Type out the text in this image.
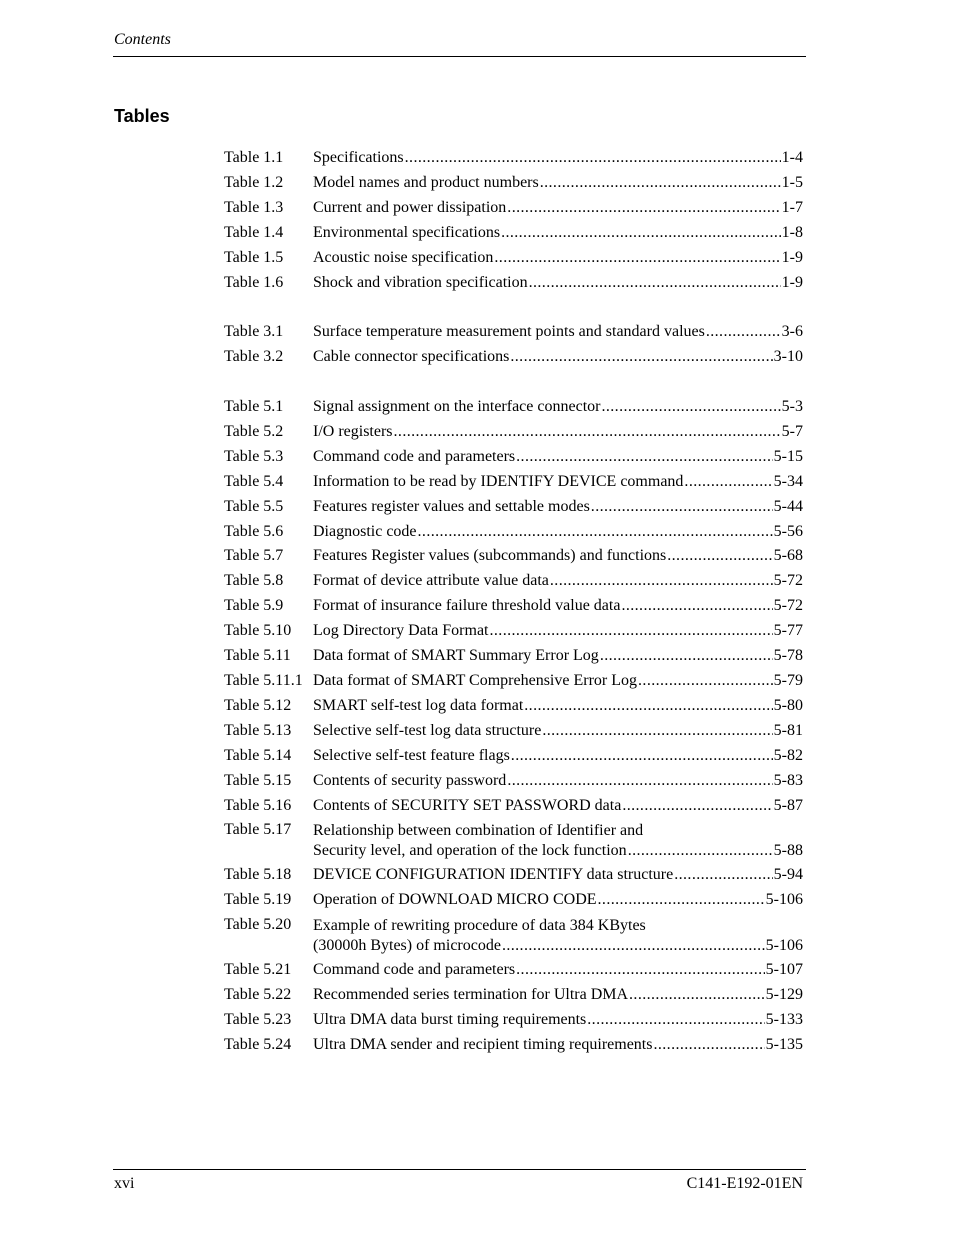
Contents
Tables
Table 1.1	Specifications .....	1-4
Table 1.2	Model names and product numbers .....	1-5
Table 1.3	Current and power dissipation .....	1-7
Table 1.4	Environmental specifications .....	1-8
Table 1.5	Acoustic noise specification .....	1-9
Table 1.6	Shock and vibration specification .....	1-9
Table 3.1	Surface temperature measurement points and standard values .....	3-6
Table 3.2	Cable connector specifications .....	3-10
Table 5.1	Signal assignment on the interface connector .....	5-3
Table 5.2	I/O registers .....	5-7
Table 5.3	Command code and parameters .....	5-15
Table 5.4	Information to be read by IDENTIFY DEVICE command .....	5-34
Table 5.5	Features register values and settable modes .....	5-44
Table 5.6	Diagnostic code .....	5-56
Table 5.7	Features Register values (subcommands) and functions .....	5-68
Table 5.8	Format of device attribute value data .....	5-72
Table 5.9	Format of insurance failure threshold value data .....	5-72
Table 5.10	Log Directory Data Format .....	5-77
Table 5.11	Data format of SMART Summary Error Log .....	5-78
Table 5.11.1 Data format of SMART Comprehensive Error Log .....	5-79
Table 5.12	SMART self-test log data format .....	5-80
Table 5.13	Selective self-test log data structure .....	5-81
Table 5.14	Selective self-test feature flags .....	5-82
Table 5.15	Contents of security password .....	5-83
Table 5.16	Contents of SECURITY SET PASSWORD data .....	5-87
Table 5.17	Relationship between combination of Identifier and
Security level, and operation of the lock function .....	5-88
Table 5.18	DEVICE CONFIGURATION IDENTIFY data structure .....	5-94
Table 5.19	Operation of DOWNLOAD MICRO CODE .....	5-106
Table 5.20	Example of rewriting procedure of data 384 KBytes
(30000h Bytes) of microcode .....	5-106
Table 5.21	Command code and parameters .....	5-107
Table 5.22	Recommended series termination for Ultra DMA .....	5-129
Table 5.23	Ultra DMA data burst timing requirements .....	5-133
Table 5.24	Ultra DMA sender and recipient timing requirements .....	5-135
xvi	C141-E192-01EN
